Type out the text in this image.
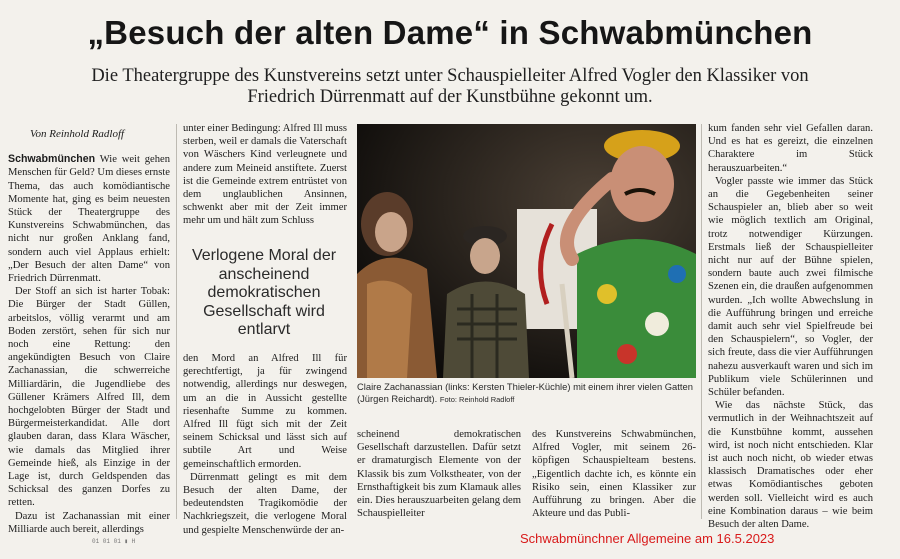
„Besuch der alten Dame“ in Schwabmünchen
Die Theatergruppe des Kunstvereins setzt unter Schauspielleiter Alfred Vogler den Klassiker von Friedrich Dürrenmatt auf der Kunstbühne gekonnt um.
Von Reinhold Radloff

Schwabmünchen Wie weit gehen Menschen für Geld? Um dieses ernste Thema, das auch komödiantische Momente hat, ging es beim neuesten Stück der Theatergruppe des Kunstvereins Schwabmünchen, das nicht nur großen Anklang fand, sondern auch viel Applaus erhielt: „Der Besuch der alten Dame“ von Friedrich Dürrenmatt.

Der Stoff an sich ist harter Tobak: Die Bürger der Stadt Güllen, arbeitslos, völlig verarmt und am Boden zerstört, sehen für sich nur noch eine Rettung: den angekündigten Besuch von Claire Zachanassian, die schwerreiche Milliardärin, die Jugendliebe des Güllener Krämers Alfred Ill, dem hochgelobten Bürger der Stadt und Bürgermeisterkandidat. Alle dort glauben daran, dass Klara Wäscher, wie damals das Mitglied ihrer Gemeinde hieß, als Einzige in der Lage ist, durch Geldspenden das Schicksal des ganzen Dorfes zu retten.

Dazu ist Zachanassian mit einer Milliarde auch bereit, allerdings

unter einer Bedingung: Alfred Ill muss sterben, weil er damals die Vaterschaft von Wäschers Kind verleugnete und andere zum Meineid anstiftete. Zuerst ist die Gemeinde extrem entrüstet von dem unglaublichen Ansinnen, schwenkt aber mit der Zeit immer mehr um und hält zum Schluss

Verlogene Moral der anscheinend demokratischen Gesellschaft wird entlarvt

den Mord an Alfred Ill für gerechtfertigt, ja für zwingend notwendig, allerdings nur deswegen, um an die in Aussicht gestellte riesenhafte Summe zu kommen. Alfred Ill fügt sich mit der Zeit seinem Schicksal und lässt sich auf subtile Art und Weise gemeinschaftlich ermorden.

Dürrenmatt gelingt es mit dem Besuch der alten Dame, der bedeutendsten Tragikomödie der Nachkriegszeit, die verlogene Moral und gespielte Menschenwürde der an-

Claire Zachanassian (links: Kersten Thieler-Küchle) mit einem ihrer vielen Gatten (Jürgen Reichardt). Foto: Reinhold Radloff

scheinend demokratischen Gesellschaft darzustellen. Dafür setzt er dramaturgisch Elemente von der Klassik bis zum Volkstheater, von der Ernsthaftigkeit bis zum Klamauk alles ein. Dies herauszuarbeiten gelang dem Schauspielleiter

des Kunstvereins Schwabmünchen, Alfred Vogler, mit seinem 26-köpfigen Schauspielteam bestens. „Eigentlich dachte ich, es könnte ein Risiko sein, einen Klassiker zur Aufführung zu bringen. Aber die Akteure und das Publi-

kum fanden sehr viel Gefallen daran. Und es hat es gereizt, die einzelnen Charaktere im Stück herauszuarbeiten.“

Vogler passte wie immer das Stück an die Gegebenheiten seiner Schauspieler an, blieb aber so weit wie möglich textlich am Original, trotz notwendiger Kürzungen. Erstmals ließ der Schauspielleiter nicht nur auf der Bühne spielen, sondern baute auch zwei filmische Szenen ein, die draußen aufgenommen wurden. „Ich wollte Abwechslung in die Aufführung bringen und erreiche damit auch sehr viel Spielfreude bei den Schauspielern“, so Vogler, der sich freute, dass die vier Aufführungen nahezu ausverkauft waren und sich im Publikum viele Schülerinnen und Schüler befanden.

Wie das nächste Stück, das vermutlich in der Weihnachtszeit auf die Kunstbühne kommt, aussehen wird, ist noch nicht entschieden. Klar ist auch noch nicht, ob wieder etwas klassisch Dramatisches oder eher etwas Komödiantisches geboten werden soll. Vielleicht wird es auch eine Kombination daraus – wie beim Besuch der alten Dame.

01 01 01 ▮ H	Schwabmünchner Allgemeine am 16.5.2023
